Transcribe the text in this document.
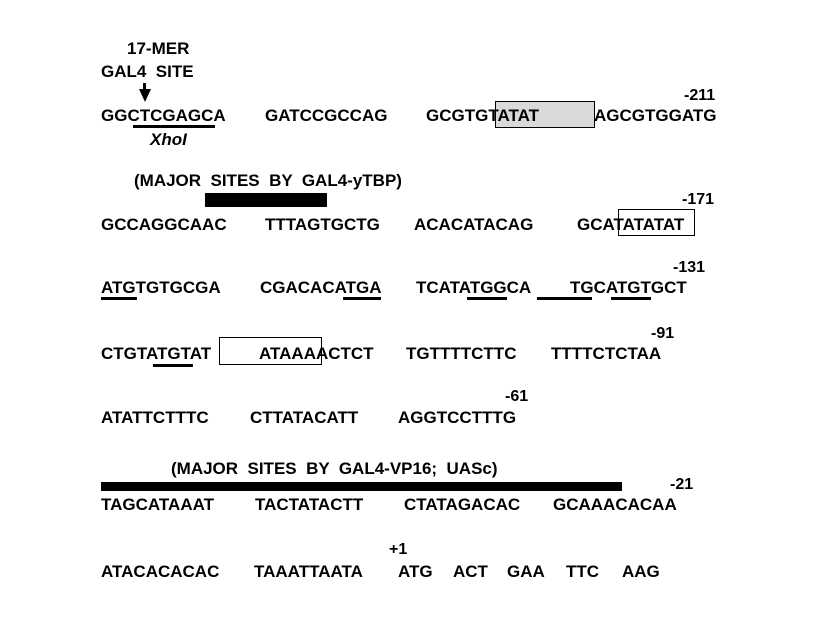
17-MER
GAL4  SITE
-211
GGCTCGAGCA GATCCGCCAG GCGTGTATAT	AGCGTGGATG
XhoI
(MAJOR  SITES  BY  GAL4-yTBP)
-171
GCCAGGCAAC TTTAGTGCTG ACACATACAG	GCATATATAT
-131
ATGTGTGCGA CGACACATGA TCATATGGCA TGCATGTGCT
-91
CTGTATGTAT	ATAAAACTCT TGTTTTCTTC TTTTCTCTAA
-61
ATATTCTTTC CTTATACATT AGGTCCTTTG
(MAJOR  SITES  BY  GAL4-VP16;  UASc)
-21
TAGCATAAAT TACTATACTT CTATAGACAC GCAAACACAA
+1
ATACACACAC TAAATTAATA ATG ACT GAA TTC AAG
